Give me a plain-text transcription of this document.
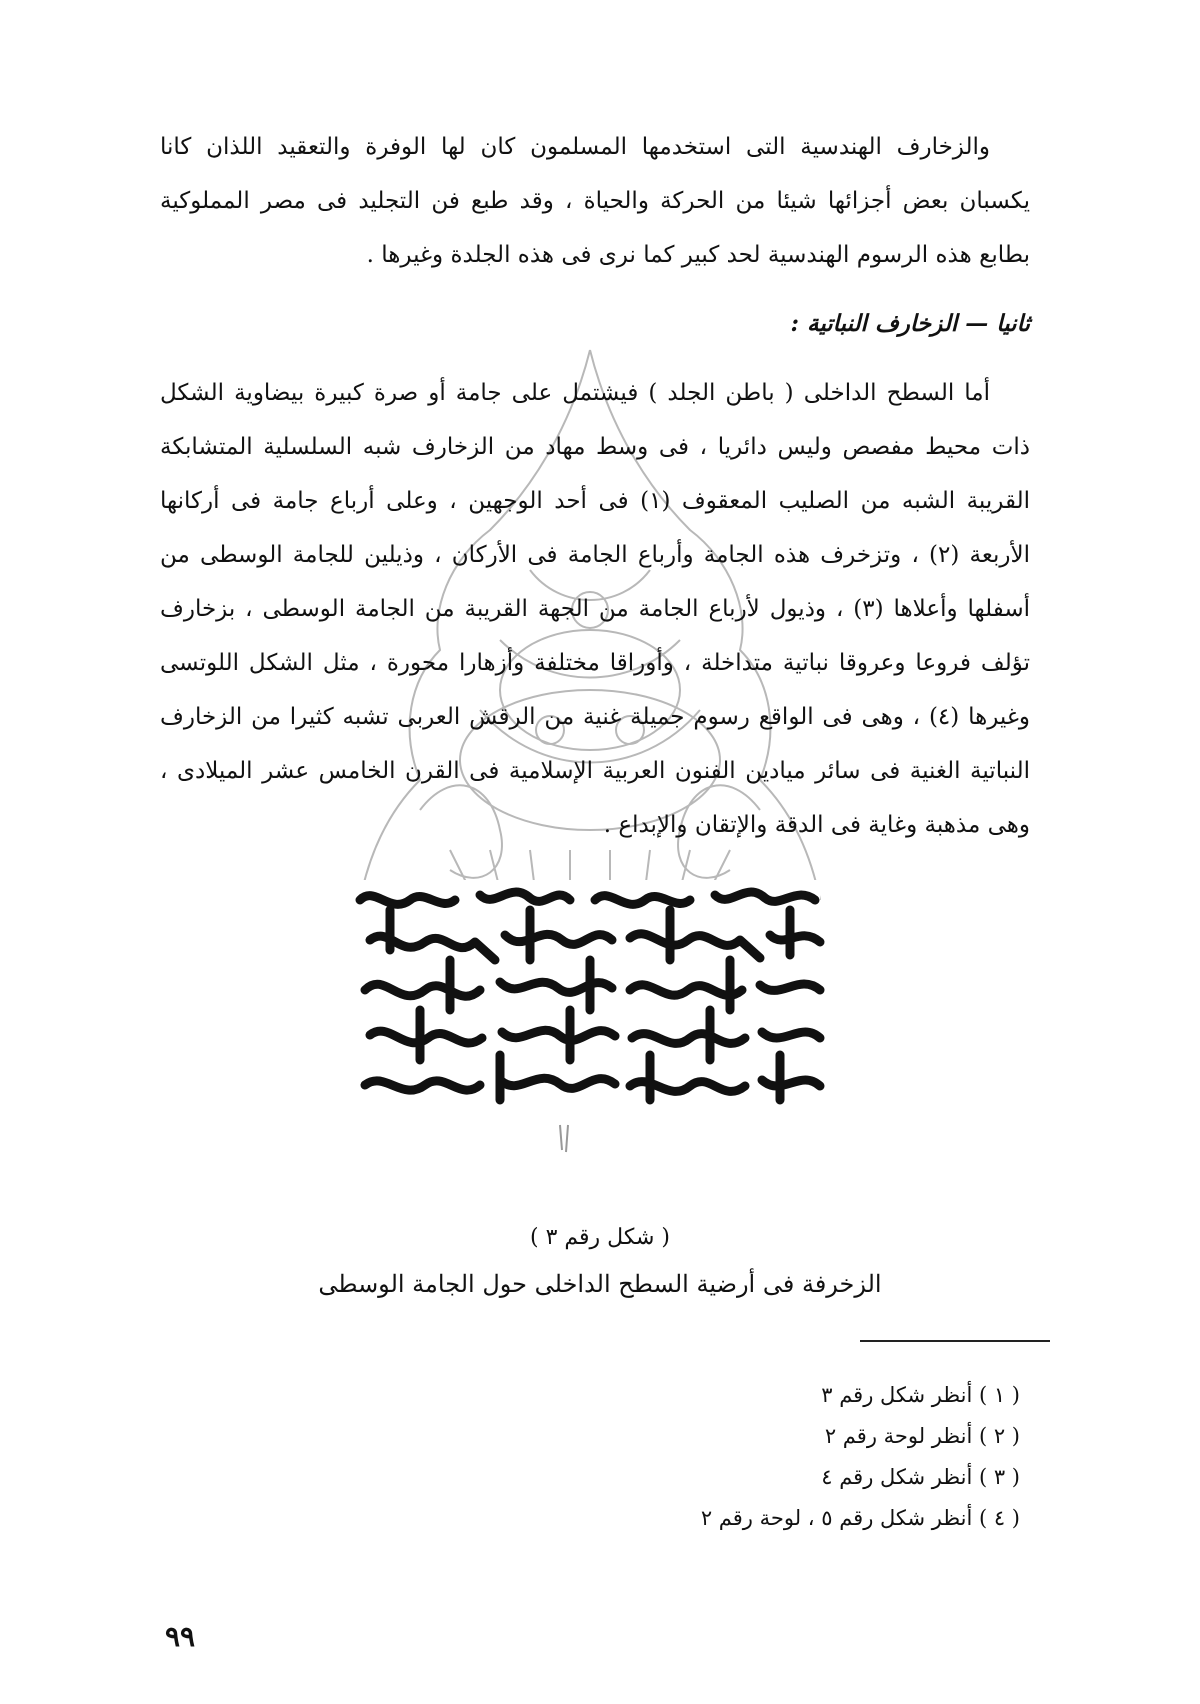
والزخارف الهندسية التى استخدمها المسلمون كان لها الوفرة والتعقيد اللذان كانا يكسبان بعض أجزائها شيئا من الحركة والحياة ، وقد طبع فن التجليد فى مصر المملوكية بطابع هذه الرسوم الهندسية لحد كبير كما نرى فى هذه الجلدة وغيرها .

ثانيا — الزخارف النباتية :

أما السطح الداخلى ( باطن الجلد ) فيشتمل على جامة أو صرة كبيرة بيضاوية الشكل ذات محيط مفصص وليس دائريا ، فى وسط مهاد من الزخارف شبه السلسلية المتشابكة القريبة الشبه من الصليب المعقوف (١) فى أحد الوجهين ، وعلى أرباع جامة فى أركانها الأربعة (٢) ، وتزخرف هذه الجامة وأرباع الجامة فى الأركان ، وذيلين للجامة الوسطى من أسفلها وأعلاها (٣) ، وذيول لأرباع الجامة من الجهة القريبة من الجامة الوسطى ، بزخارف تؤلف فروعا وعروقا نباتية متداخلة ، وأوراقا مختلفة وأزهارا محورة ، مثل الشكل اللوتسى وغيرها (٤) ، وهى فى الواقع رسوم جميلة غنية من الرقش العربى تشبه كثيرا من الزخارف النباتية الغنية فى سائر ميادين الفنون العربية الإسلامية فى القرن الخامس عشر الميلادى ، وهى مذهبة وغاية فى الدقة والإتقان والإبداع .

( شكل رقم ٣ )

الزخرفة فى أرضية السطح الداخلى حول الجامة الوسطى

( ١ ) أنظر شكل رقم ٣
( ٢ ) أنظر لوحة رقم ٢
( ٣ ) أنظر شكل رقم ٤
( ٤ ) أنظر شكل رقم ٥ ، لوحة رقم ٢

٩٩
